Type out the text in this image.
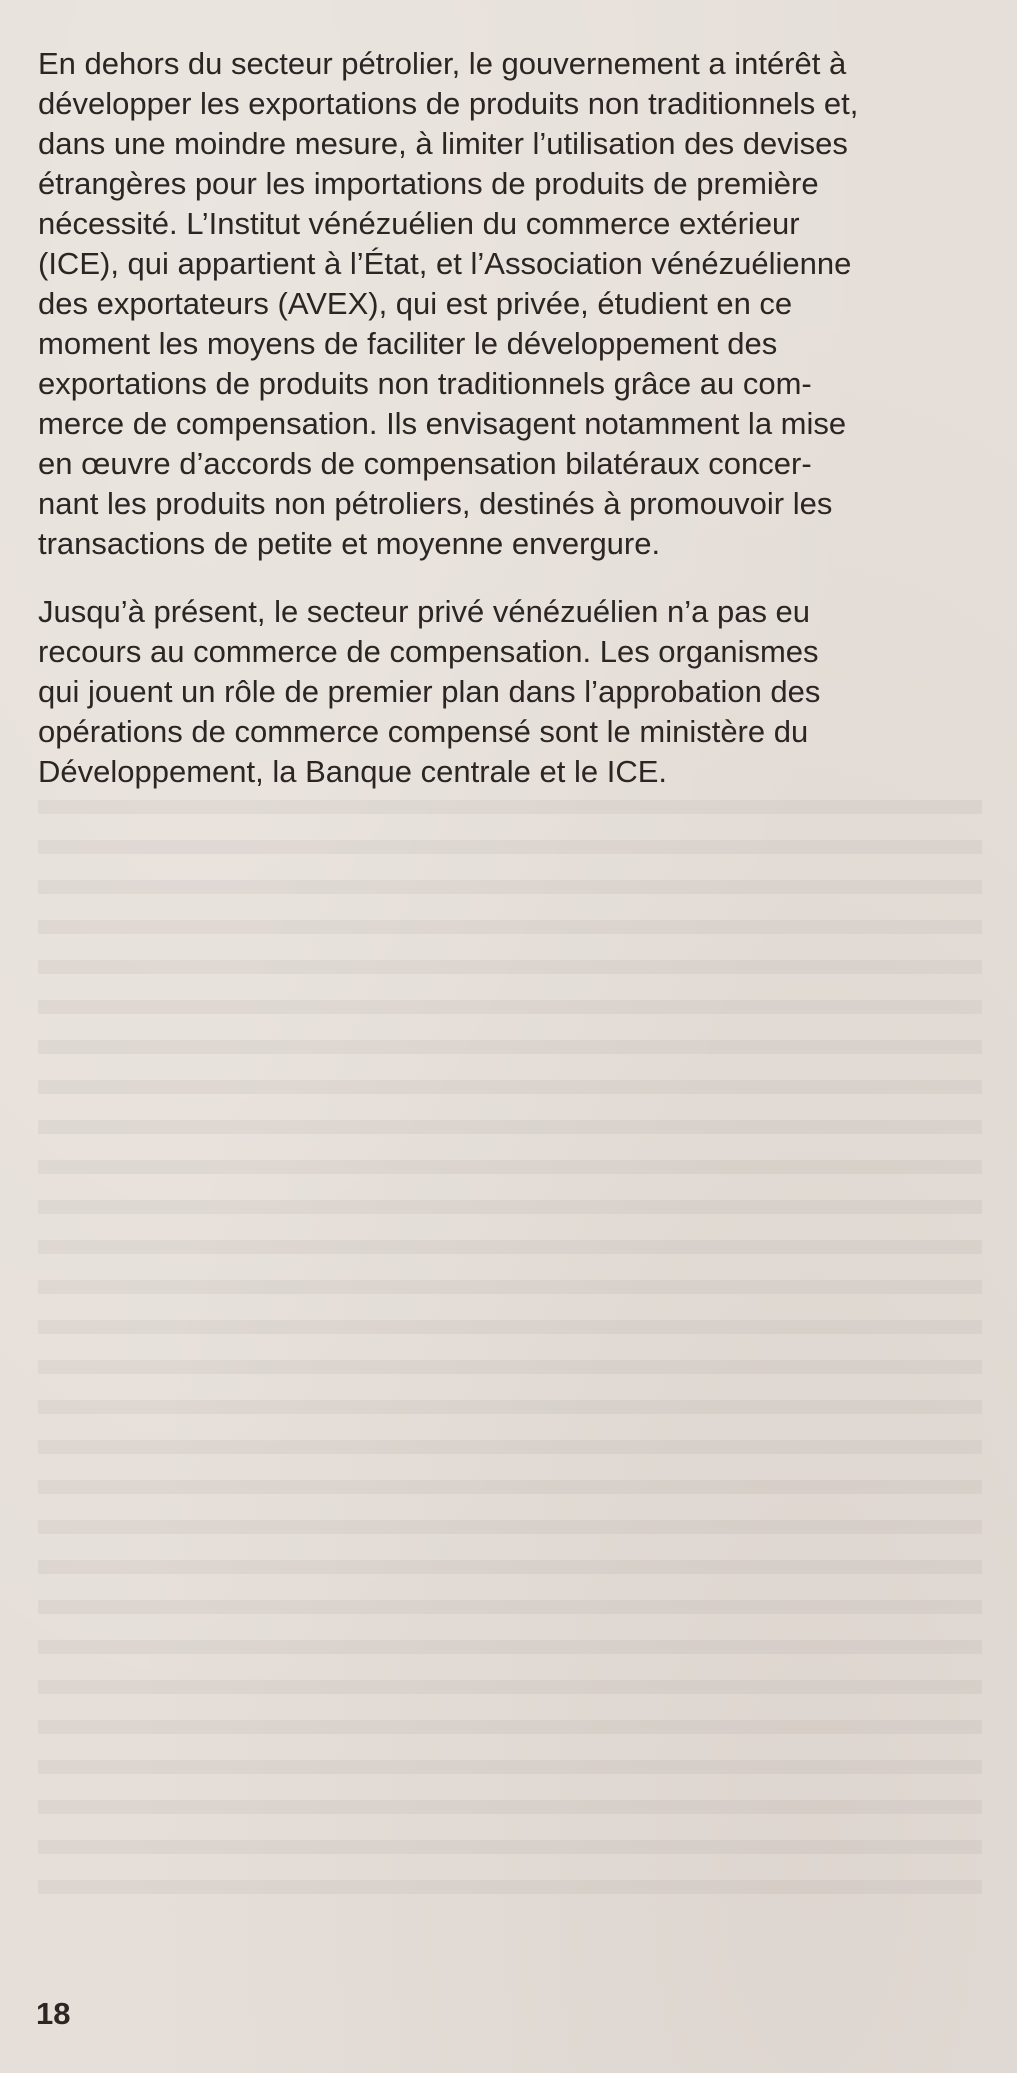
En dehors du secteur pétrolier, le gouvernement a intérêt à
développer les exportations de produits non traditionnels et,
dans une moindre mesure, à limiter l’utilisation des devises
étrangères pour les importations de produits de première
nécessité. L’Institut vénézuélien du commerce extérieur
(ICE), qui appartient à l’État, et l’Association vénézuélienne
des exportateurs (AVEX), qui est privée, étudient en ce
moment les moyens de faciliter le développement des
exportations de produits non traditionnels grâce au com-
merce de compensation. Ils envisagent notamment la mise
en œuvre d’accords de compensation bilatéraux concer-
nant les produits non pétroliers, destinés à promouvoir les
transactions de petite et moyenne envergure.

Jusqu’à présent, le secteur privé vénézuélien n’a pas eu
recours au commerce de compensation. Les organismes
qui jouent un rôle de premier plan dans l’approbation des
opérations de commerce compensé sont le ministère du
Développement, la Banque centrale et le ICE.

18
